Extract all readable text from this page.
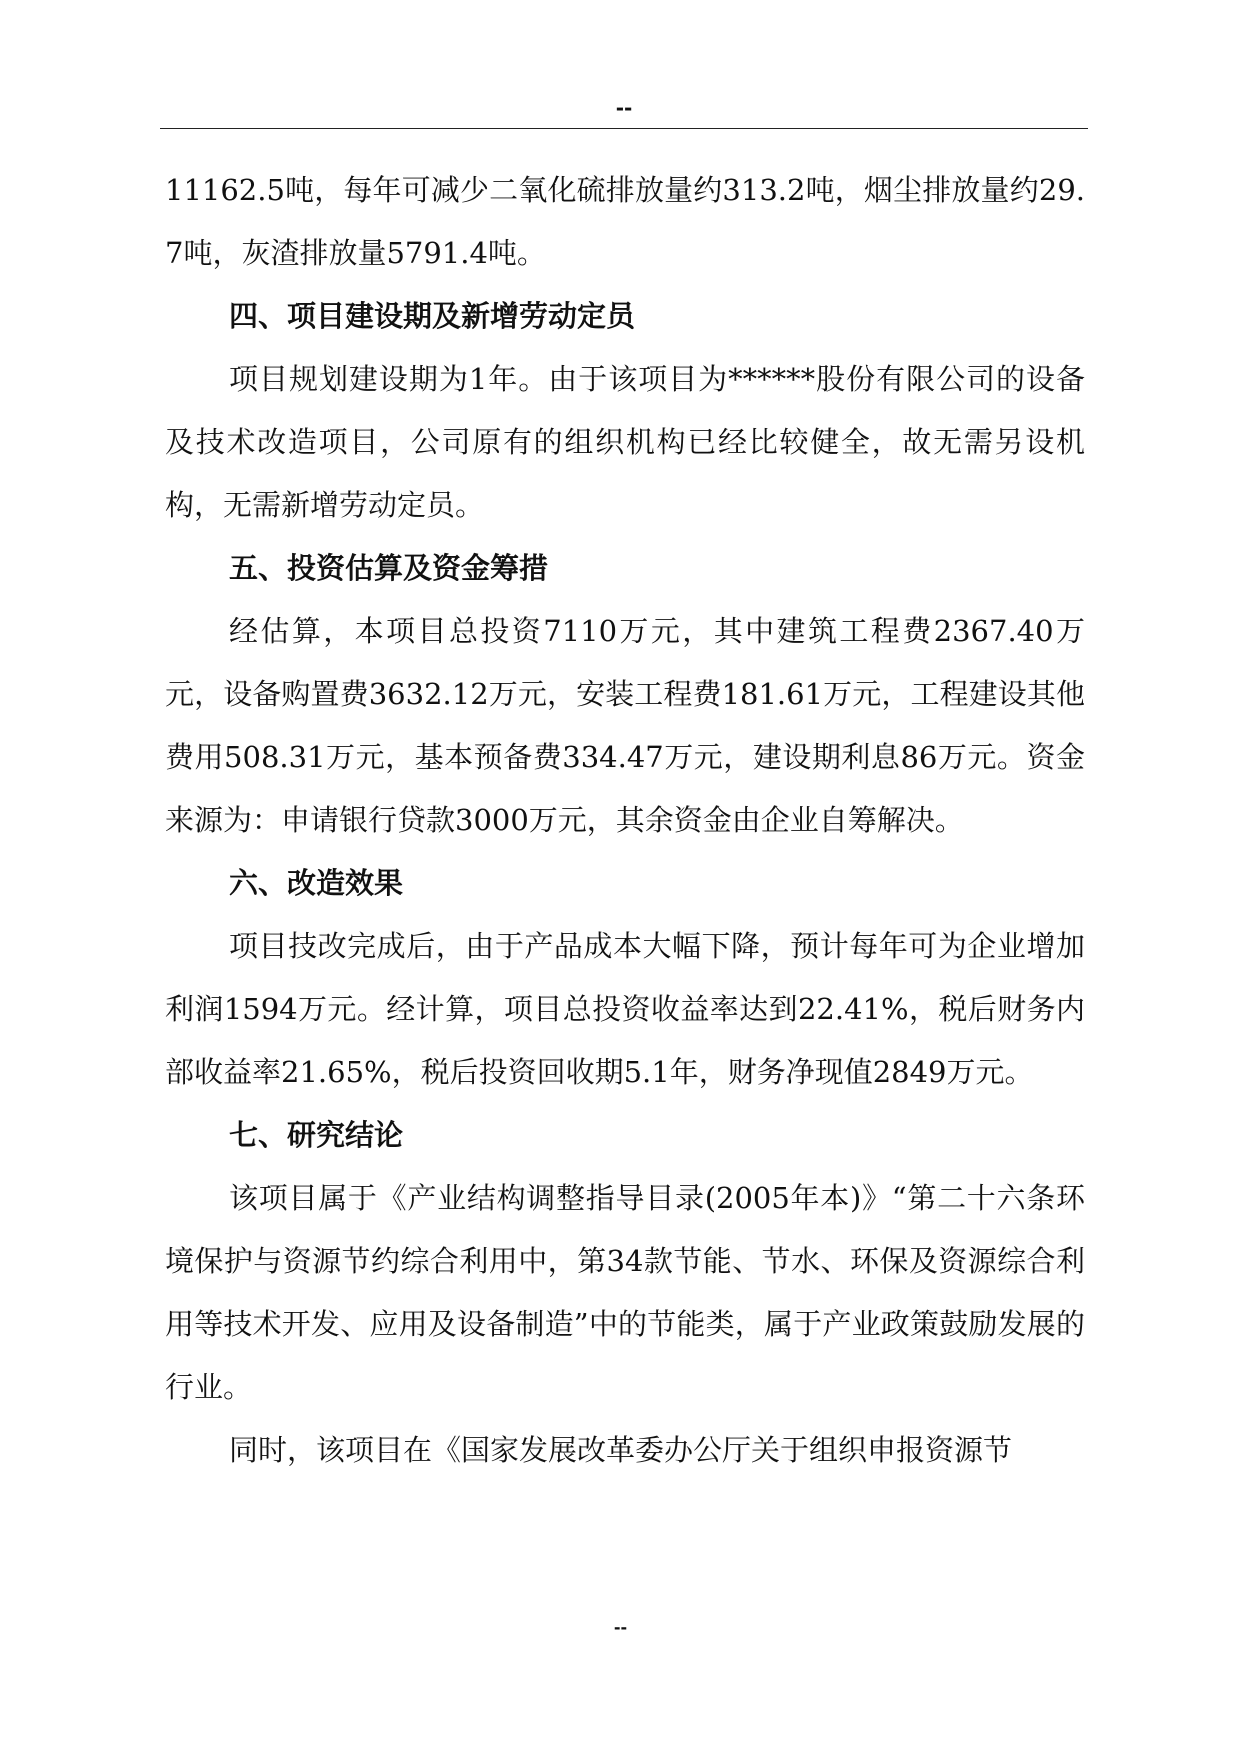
--

11162.5吨，每年可减少二氧化硫排放量约313.2吨，烟尘排放量约29.7吨，灰渣排放量5791.4吨。

四、项目建设期及新增劳动定员

项目规划建设期为1年。由于该项目为******股份有限公司的设备及技术改造项目，公司原有的组织机构已经比较健全，故无需另设机构，无需新增劳动定员。

五、投资估算及资金筹措

经估算，本项目总投资7110万元，其中建筑工程费2367.40万元，设备购置费3632.12万元，安装工程费181.61万元，工程建设其他费用508.31万元，基本预备费334.47万元，建设期利息86万元。资金来源为：申请银行贷款3000万元，其余资金由企业自筹解决。

六、改造效果

项目技改完成后，由于产品成本大幅下降，预计每年可为企业增加利润1594万元。经计算，项目总投资收益率达到22.41%，税后财务内部收益率21.65%，税后投资回收期5.1年，财务净现值2849万元。

七、研究结论

该项目属于《产业结构调整指导目录(2005年本)》“第二十六条环境保护与资源节约综合利用中，第34款节能、节水、环保及资源综合利用等技术开发、应用及设备制造”中的节能类，属于产业政策鼓励发展的行业。

同时，该项目在《国家发展改革委办公厅关于组织申报资源节

--
